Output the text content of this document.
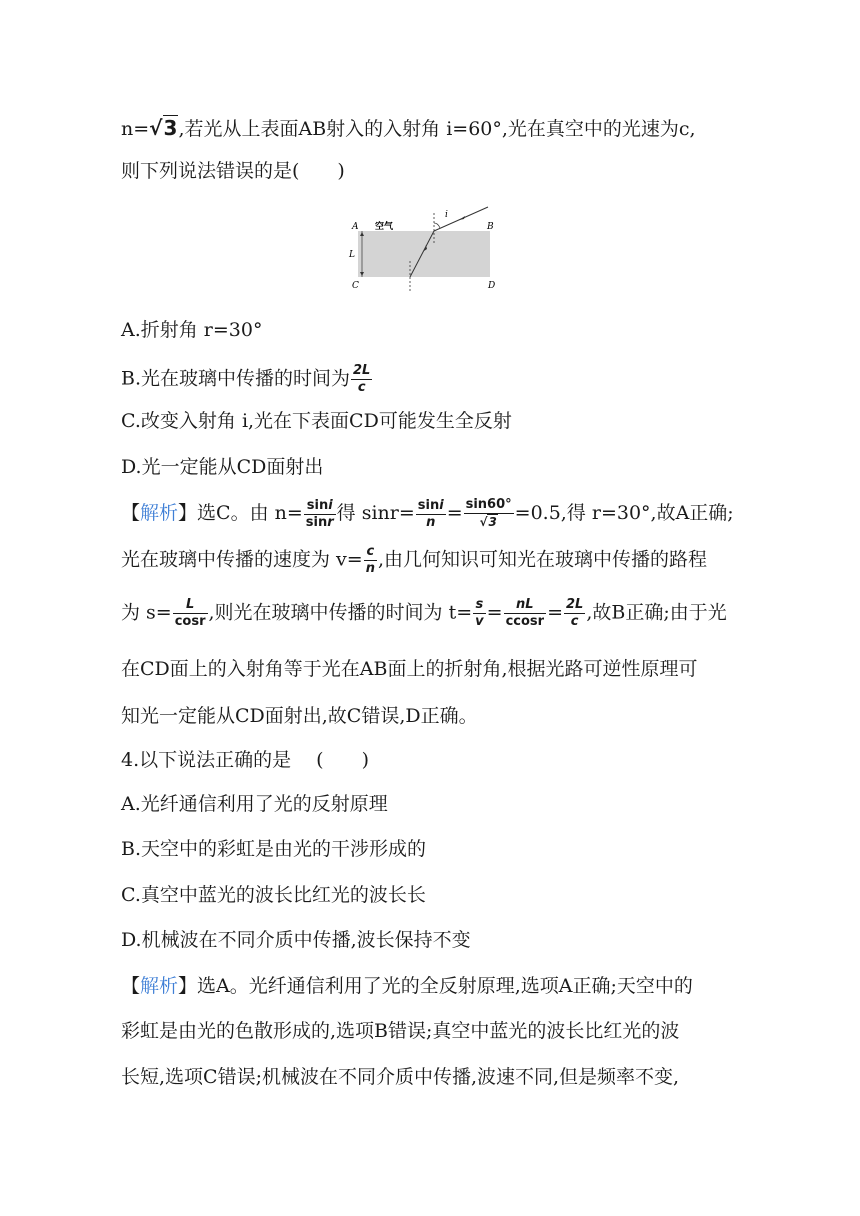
n=√3,若光从上表面AB射入的入射角 i=60°,光在真空中的光速为c,
则下列说法错误的是(　　)
A 空气
i
B
L
C	D
A.折射角 r=30°
B.光在玻璃中传播的时间为 $\frac{2L}{c}$
C.改变入射角 i,光在下表面CD可能发生全反射
D.光一定能从CD面射出
【解析】选C。由 $n= \frac{\sin i}{\sin r}$ 得 $\sin r= \frac{\sin i}{n} = \frac{\sin 60^\circ}{√3} =0.5$,得 r=30°,故A正确;
光在玻璃中传播的速度为 $v= \frac{c}{n}$ ,由几何知识可知光在玻璃中传播的路程
为 $s= \frac{L}{\cos r}$ ,则光在玻璃中传播的时间为 $t= \frac{s}{v} = \frac{nL}{ccosr} = \frac{2L}{c}$ ,故B正确;由于光
在CD面上的入射角等于光在AB面上的折射角,根据光路可逆性原理可
知光一定能从CD面射出,故C错误,D正确。
4.以下说法正确的是　 (　　)
A.光纤通信利用了光的反射原理
B.天空中的彩虹是由光的干涉形成的
C.真空中蓝光的波长比红光的波长长
D.机械波在不同介质中传播,波长保持不变
【解析】选A。光纤通信利用了光的全反射原理,选项A正确;天空中的
彩虹是由光的色散形成的,选项B错误;真空中蓝光的波长比红光的波
长短,选项C错误;机械波在不同介质中传播,波速不同,但是频率不变,
